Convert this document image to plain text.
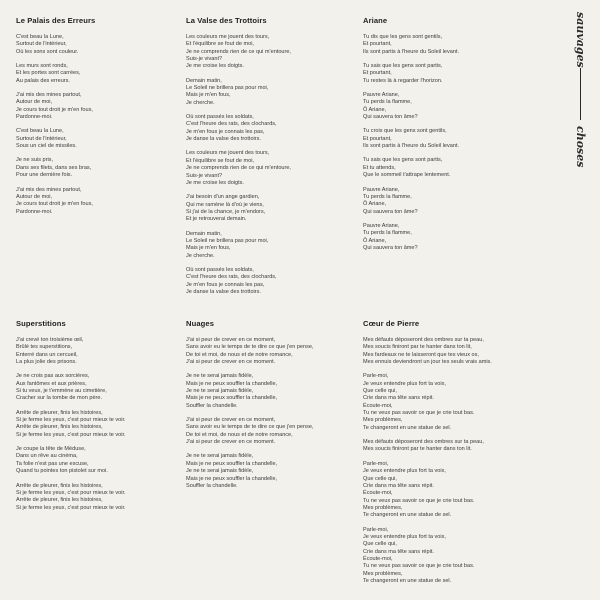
Le Palais des Erreurs
C'est beau la Lune,
Surtout de l'intérieur,
Où les sons sont couleur.
Les murs sont ronds,
Et les portes sont carrées,
Au palais des erreurs.
J'ai mis des mines partout,
Autour de moi,
Je cours tout droit je m'en fous,
Pardonne-moi.
C'est beau la Lune,
Surtout de l'intérieur,
Sous un ciel de missiles.
Je ne suis pris,
Dans ses filets, dans ses bras,
Pour une dernière fois.
J'ai mis des mines partout,
Autour de moi,
Je cours tout droit je m'en fous,
Pardonne-moi.
La Valse des Trottoirs
Les couleurs me jouent des tours,
Et l'équilibre se fout de moi,
Je ne comprends rien de ce qui m'entoure,
Suis-je vivant?
Je me croise les doigts.
Demain matin,
Le Soleil ne brillera pas pour moi,
Mais je m'en fous,
Je cherche.
Où sont passés les soldats,
C'est l'heure des rats, des clochards,
Je m'en fous je connais les pas,
Je danse la valse des trottoirs.
Les couleurs me jouent des tours,
Et l'équilibre se fout de moi,
Je ne comprends rien de ce qui m'entoure,
Suis-je vivant?
Je me croise les doigts.
J'ai besoin d'un ange gardien,
Qui me ramène là d'où je viens,
Si j'ai de la chance, je m'endors,
Et je retrouverai demain.
Demain matin,
Le Soleil ne brillera pas pour moi,
Mais je m'en fous,
Je cherche.
Où sont passés les soldats,
C'est l'heure des rats, des clochards,
Je m'en fous je connais les pas,
Je danse la valse des trottoirs.
Ariane
Tu dis que les gens sont gentils,
Et pourtant,
Ils sont partis à l'heure du Soleil levant.
Tu sais que les gens sont partis,
Et pourtant,
Tu restes là à regarder l'horizon.
Pauvre Ariane,
Tu perds la flamme,
Ô Ariane,
Qui sauvera ton âme?
Tu crois que les gens sont gentils,
Et pourtant,
Ils sont partis à l'heure du Soleil levant.
Tu sais que les gens sont partis,
Et tu attends,
Que le sommeil t'attrape lentement.
Pauvre Ariane,
Tu perds la flamme,
Ô Ariane,
Qui sauvera ton âme?
Pauvre Ariane,
Tu perds la flamme,
Ô Ariane,
Qui sauvera ton âme?
Superstitions
J'ai crevé ton troisième œil,
Brûlé tes superstitions,
Enterré dans un cercueil,
La plus jolie des prisons.
Je ne crois pas aux sorcières,
Aux fantômes et aux prières,
Si tu veux, je t'emmène au cimetière,
Cracher sur la tombe de mon père.
Arrête de pleurer, finis les histoires,
Si je ferme les yeux, c'est pour mieux te voir.
Arrête de pleurer, finis les histoires,
Si je ferme les yeux, c'est pour mieux te voir.
Je coupe la tête de Méduse,
Dans un rêve au cinéma,
Ta folie n'est pas une excuse,
Quand tu pointes ton pistolet sur moi.
Arrête de pleurer, finis les histoires,
Si je ferme les yeux, c'est pour mieux te voir.
Arrête de pleurer, finis les histoires,
Si je ferme les yeux, c'est pour mieux te voir.
Nuages
J'ai si peur de crever en ce moment,
Sans avoir eu le temps de te dire ce que j'en pense,
De toi et moi, de nous et de notre romance,
J'ai si peur de crever en ce moment.
Je ne te serai jamais fidèle,
Mais je ne peux souffler la chandelle,
Je ne te serai jamais fidèle,
Mais je ne peux souffler la chandelle,
Souffler la chandelle.
J'ai si peur de crever en ce moment,
Sans avoir eu le temps de te dire ce que j'en pense,
De toi et moi, de nous et de notre romance,
J'ai si peur de crever en ce moment.
Je ne te serai jamais fidèle,
Mais je ne peux souffler la chandelle,
Je ne te serai jamais fidèle,
Mais je ne peux souffler la chandelle,
Souffler la chandelle.
Cœur de Pierre
Mes défauts déposeront des ombres sur ta peau,
Mes soucis finiront par te hanter dans ton lit,
Mes fardeaux ne te laisseront que tes vieux os,
Mes ennuis deviendront un jour tes seuls vrais amis.
Parle-moi,
Je veux entendre plus fort ta voix,
Que celle qui,
Crie dans ma tête sans répit.
Écoute-moi,
Tu ne veux pas savoir ce que je crie tout bas.
Mes problèmes,
Te changeront en une statue de sel.
Mes défauts déposeront des ombres sur ta peau,
Mes soucis finiront par te hanter dans ton lit.
Parle-moi,
Je veux entendre plus fort ta voix,
Que celle qui,
Crie dans ma tête sans répit.
Écoute-moi,
Tu ne veux pas savoir ce que je crie tout bas.
Mes problèmes,
Te changeront en une statue de sel.
Parle-moi,
Je veux entendre plus fort ta voix,
Que celle qui,
Crie dans ma tête sans répit.
Écoute-moi,
Tu ne veux pas savoir ce que je crie tout bas.
Mes problèmes,
Te changeront en une statue de sel.
sauvages
choses
